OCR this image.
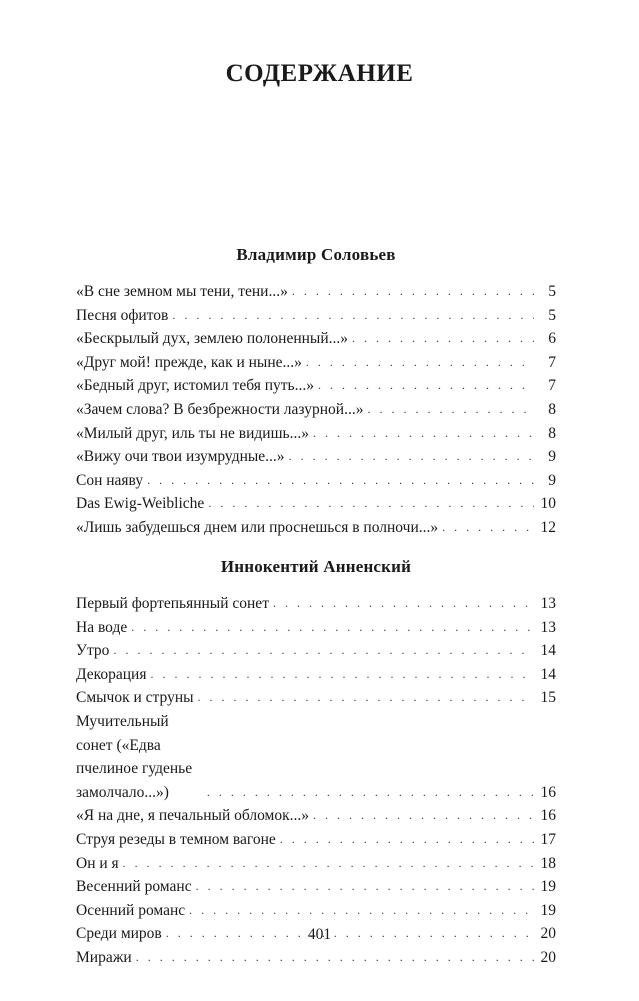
СОДЕРЖАНИЕ
Владимир Соловьев
«В сне земном мы тени, тени...» . . .	5
Песня офитов . . .	5
«Бескрылый дух, землею полоненный...» . . .	6
«Друг мой! прежде, как и ныне...» . . .	7
«Бедный друг, истомил тебя путь...» . . .	7
«Зачем слова? В безбрежности лазурной...» . . .	8
«Милый друг, иль ты не видишь...» . . .	8
«Вижу очи твои изумрудные...» . . .	9
Сон наяву . . .	9
Das Ewig-Weibliche . . .	10
«Лишь забудешься днем или проснешься в полночи...» . . .	12
Иннокентий Анненский
Первый фортепьянный сонет . . .	13
На воде . . .	13
Утро . . .	14
Декорация . . .	14
Смычок и струны . . .	15
Мучительный сонет («Едва пчелиное гуденье замолчало...») . . .	16
«Я на дне, я печальный обломок...» . . .	16
Струя резеды в темном вагоне . . .	17
Он и я . . .	18
Весенний романс . . .	19
Осенний романс . . .	19
Среди миров . . .	20
Миражи . . .	20
401
